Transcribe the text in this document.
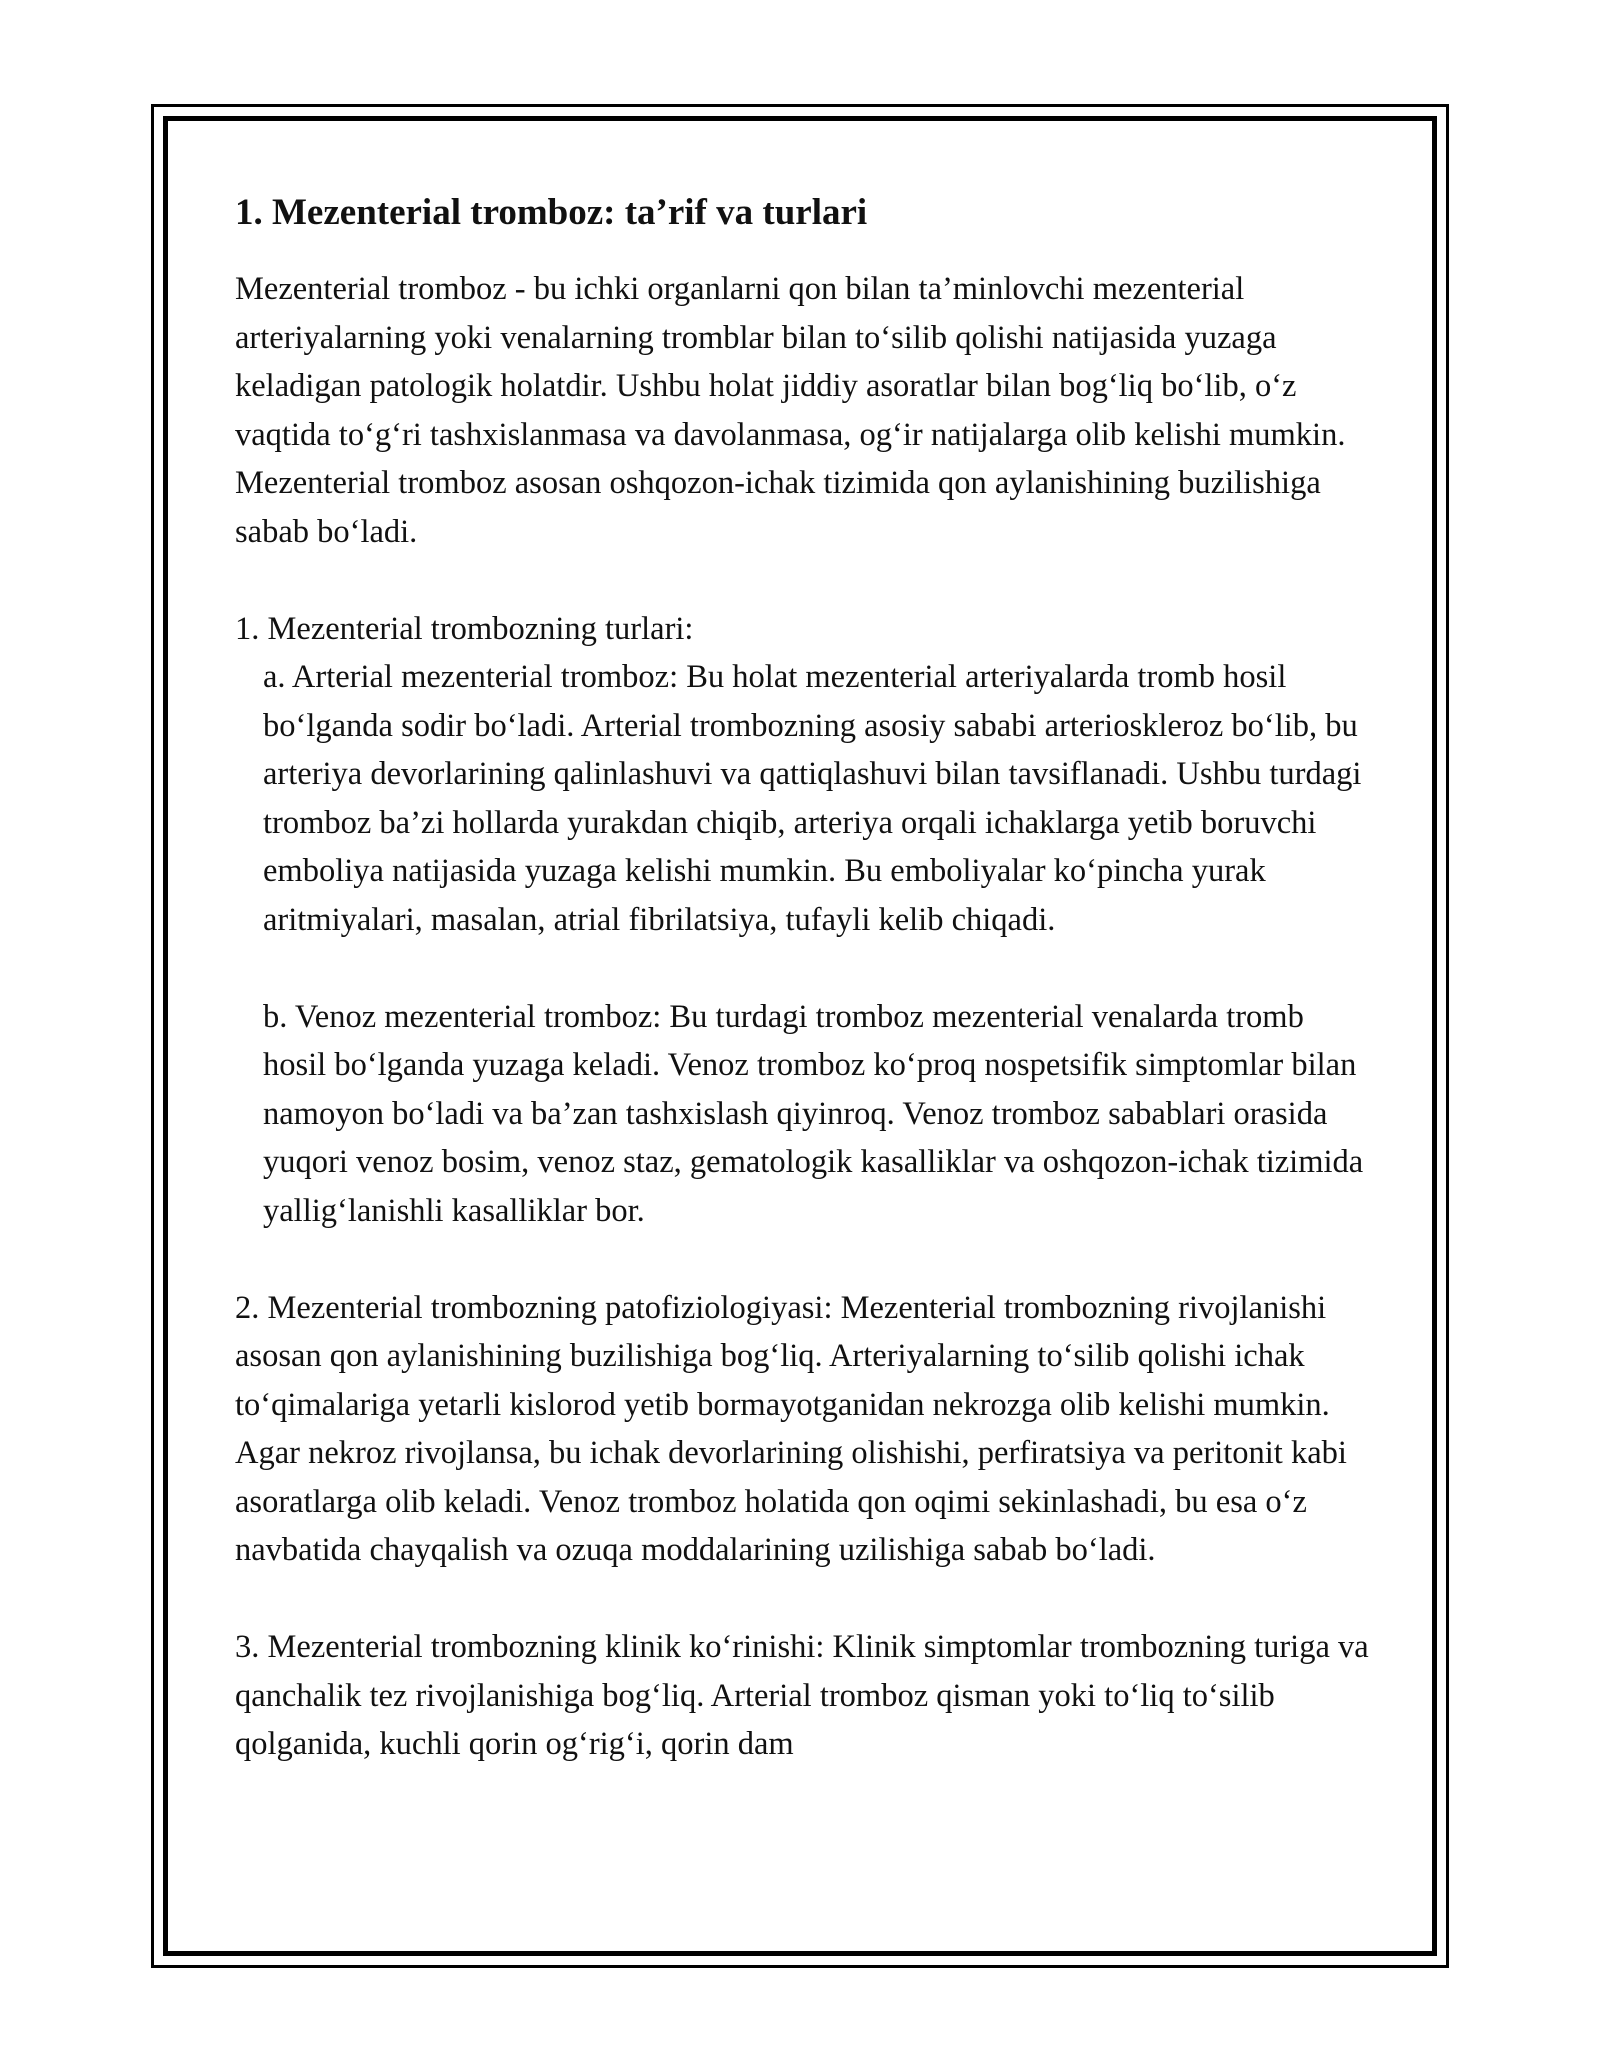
1. Mezenterial tromboz: ta’rif va turlari

Mezenterial tromboz - bu ichki organlarni qon bilan ta’minlovchi mezenterial arteriyalarning yoki venalarning tromblar bilan to‘silib qolishi natijasida yuzaga keladigan patologik holatdir. Ushbu holat jiddiy asoratlar bilan bog‘liq bo‘lib, o‘z vaqtida to‘g‘ri tashxislanmasa va davolanmasa, og‘ir natijalarga olib kelishi mumkin. Mezenterial tromboz asosan oshqozon-ichak tizimida qon aylanishining buzilishiga sabab bo‘ladi.

1. Mezenterial trombozning turlari:
a. Arterial mezenterial tromboz: Bu holat mezenterial arteriyalarda tromb hosil bo‘lganda sodir bo‘ladi. Arterial trombozning asosiy sababi arterioskleroz bo‘lib, bu arteriya devorlarining qalinlashuvi va qattiqlashuvi bilan tavsiflanadi. Ushbu turdagi tromboz ba’zi hollarda yurakdan chiqib, arteriya orqali ichaklarga yetib boruvchi emboliya natijasida yuzaga kelishi mumkin. Bu emboliyalar ko‘pincha yurak aritmiyalari, masalan, atrial fibrilatsiya, tufayli kelib chiqadi.

b. Venoz mezenterial tromboz: Bu turdagi tromboz mezenterial venalarda tromb hosil bo‘lganda yuzaga keladi. Venoz tromboz ko‘proq nospetsifik simptomlar bilan namoyon bo‘ladi va ba’zan tashxislash qiyinroq. Venoz tromboz sabablari orasida yuqori venoz bosim, venoz staz, gematologik kasalliklar va oshqozon-ichak tizimida yallig‘lanishli kasalliklar bor.

2. Mezenterial trombozning patofiziologiyasi: Mezenterial trombozning rivojlanishi asosan qon aylanishining buzilishiga bog‘liq. Arteriyalarning to‘silib qolishi ichak to‘qimalariga yetarli kislorod yetib bormayotganidan nekrozga olib kelishi mumkin. Agar nekroz rivojlansa, bu ichak devorlarining olishishi, perfiratsiya va peritonit kabi asoratlarga olib keladi. Venoz tromboz holatida qon oqimi sekinlashadi, bu esa o‘z navbatida chayqalish va ozuqa moddalarining uzilishiga sabab bo‘ladi.

3. Mezenterial trombozning klinik ko‘rinishi: Klinik simptomlar trombozning turiga va qanchalik tez rivojlanishiga bog‘liq. Arterial tromboz qisman yoki to‘liq to‘silib qolganida, kuchli qorin og‘rig‘i, qorin dam
